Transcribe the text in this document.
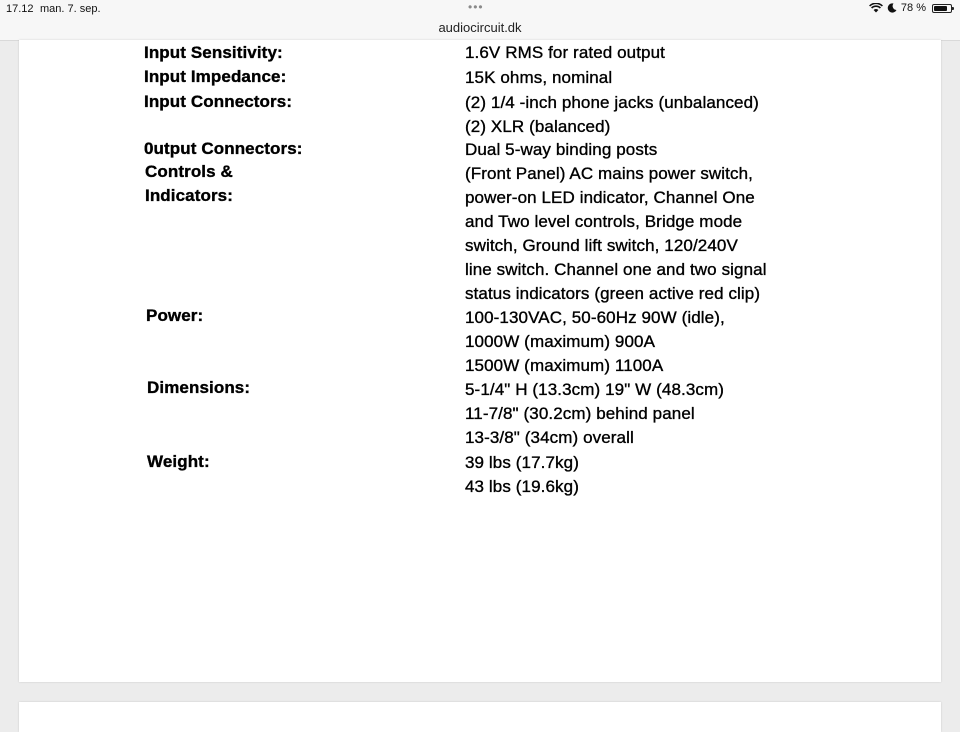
17.12 man. 7. sep.	•••	78 %
audiocircuit.dk
Input Sensitivity:
Input Impedance:
Input Connectors:
0utput Connectors:
Controls &
Indicators:
Power:
Dimensions:
Weight:
1.6V RMS for rated output
15K ohms, nominal
(2) 1/4 -inch phone jacks (unbalanced)
(2) XLR (balanced)
Dual 5-way binding posts
(Front Panel) AC mains power switch,
power-on LED indicator, Channel One
and Two level controls, Bridge mode
switch, Ground lift switch, 120/240V
line switch. Channel one and two signal
status indicators (green active red clip)
100-130VAC, 50-60Hz 90W (idle),
1000W (maximum) 900A
1500W (maximum) 1100A
5-1/4" H (13.3cm) 19" W (48.3cm)
11-7/8" (30.2cm) behind panel
13-3/8" (34cm) overall
39 lbs (17.7kg)
43 lbs (19.6kg)
